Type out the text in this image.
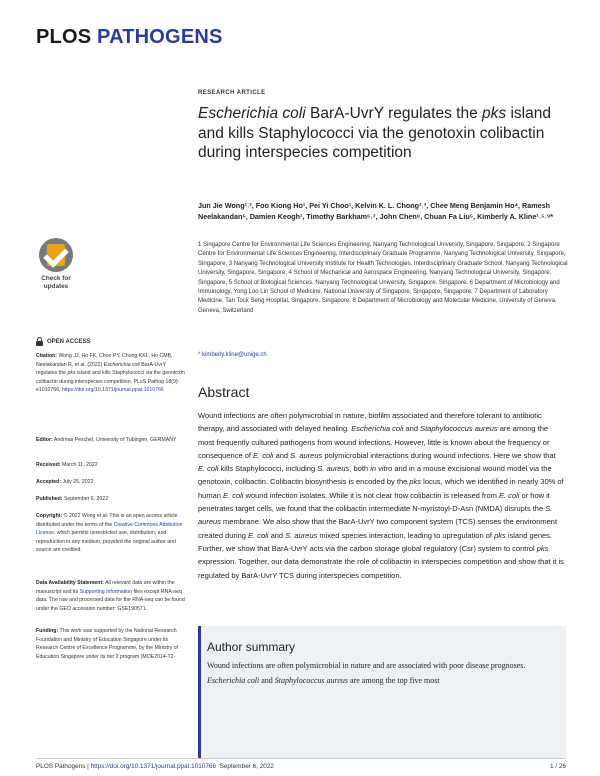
PLOS PATHOGENS
RESEARCH ARTICLE
Escherichia coli BarA-UvrY regulates the pks island and kills Staphylococci via the genotoxin colibactin during interspecies competition
Jun Jie Wong¹˒², Foo Kiong Ho¹, Pei Yi Choo¹, Kelvin K. L. Chong¹˒³, Chee Meng Benjamin Ho⁴, Ramesh Neelakandan⁵, Damien Keogh¹, Timothy Barkham⁶˒⁷, John Chen⁸, Chuan Fa Liu⁵, Kimberly A. Kline¹˒⁵˒⁹*
1 Singapore Centre for Environmental Life Sciences Engineering, Nanyang Technological University, Singapore, Singapore, 2 Singapore Centre for Environmental Life Sciences Engineering, Interdisciplinary Graduate Programme, Nanyang Technological University, Singapore, Singapore, 3 Nanyang Technological University Institute for Health Technologies, Interdisciplinary Graduate School, Nanyang Technological University, Singapore, Singapore, 4 School of Mechanical and Aerospace Engineering, Nanyang Technological University, Singapore, Singapore, 5 School of Biological Sciences, Nanyang Technological University, Singapore, Singapore, 6 Department of Microbiology and Immunology, Yong Loo Lin School of Medicine, National University of Singapore, Singapore, Singapore, 7 Department of Laboratory Medicine, Tan Tock Seng Hospital, Singapore, Singapore, 8 Department of Microbiology and Molecular Medicine, University of Geneva, Geneva, Switzerland
* kimberly.kline@unige.ch
Check for updates
OPEN ACCESS
Citation: Wong JJ, Ho FK, Choo PY, Chong KKL, Ho CMB, Neelakandan R, et al. (2022) Escherichia coli BarA-UvrY regulates the pks island and kills Staphylococci via the genotoxin colibactin during interspecies competition. PLoS Pathog 18(9): e1010766. https://doi.org/10.1371/journal.ppat.1010766
Editor: Andreas Peschel, University of Tubingen, GERMANY
Received: March 11, 2022
Accepted: July 25, 2022
Published: September 6, 2022
Copyright: © 2022 Wong et al. This is an open access article distributed under the terms of the Creative Commons Attribution License, which permits unrestricted use, distribution, and reproduction in any medium, provided the original author and source are credited.
Data Availability Statement: All relevant data are within the manuscript and its Supporting Information files except RNA-seq data. The raw and processed data for the RNA-seq can be found under the GEO accession number: GSE190571.
Funding: This work was supported by the National Research Foundation and Ministry of Education Singapore under its Research Centre of Excellence Programme, by the Ministry of Education Singapore under its tier 2 program (MOE2014-T2-
Abstract
Wound infections are often polymicrobial in nature, biofilm associated and therefore tolerant to antibiotic therapy, and associated with delayed healing. Escherichia coli and Staphylococcus aureus are among the most frequently cultured pathogens from wound infections. However, little is known about the frequency or consequence of E. coli and S. aureus polymicrobial interactions during wound infections. Here we show that E. coli kills Staphylococci, including S. aureus, both in vitro and in a mouse excisional wound model via the genotoxin, colibactin. Colibactin biosynthesis is encoded by the pks locus, which we identified in nearly 30% of human E. coli wound infection isolates. While it is not clear how colibactin is released from E. coli or how it penetrates target cells, we found that the colibactin intermediate N-myristoyl-D-Asn (NMDA) disrupts the S. aureus membrane. We also show that the BarA-UvrY two component system (TCS) senses the environment created during E. coli and S. aureus mixed species interaction, leading to upregulation of pks island genes. Further, we show that BarA-UvrY acts via the carbon storage global regulatory (Csr) system to control pks expression. Together, our data demonstrate the role of colibactin in interspecies competition and show that it is regulated by BarA-UvrY TCS during interspecies competition.
Author summary
Wound infections are often polymicrobial in nature and are associated with poor disease prognoses. Escherichia coli and Staphylococcus aureus are among the top five most
PLOS Pathogens | https://doi.org/10.1371/journal.ppat.1010766 September 6, 2022	1 / 26
